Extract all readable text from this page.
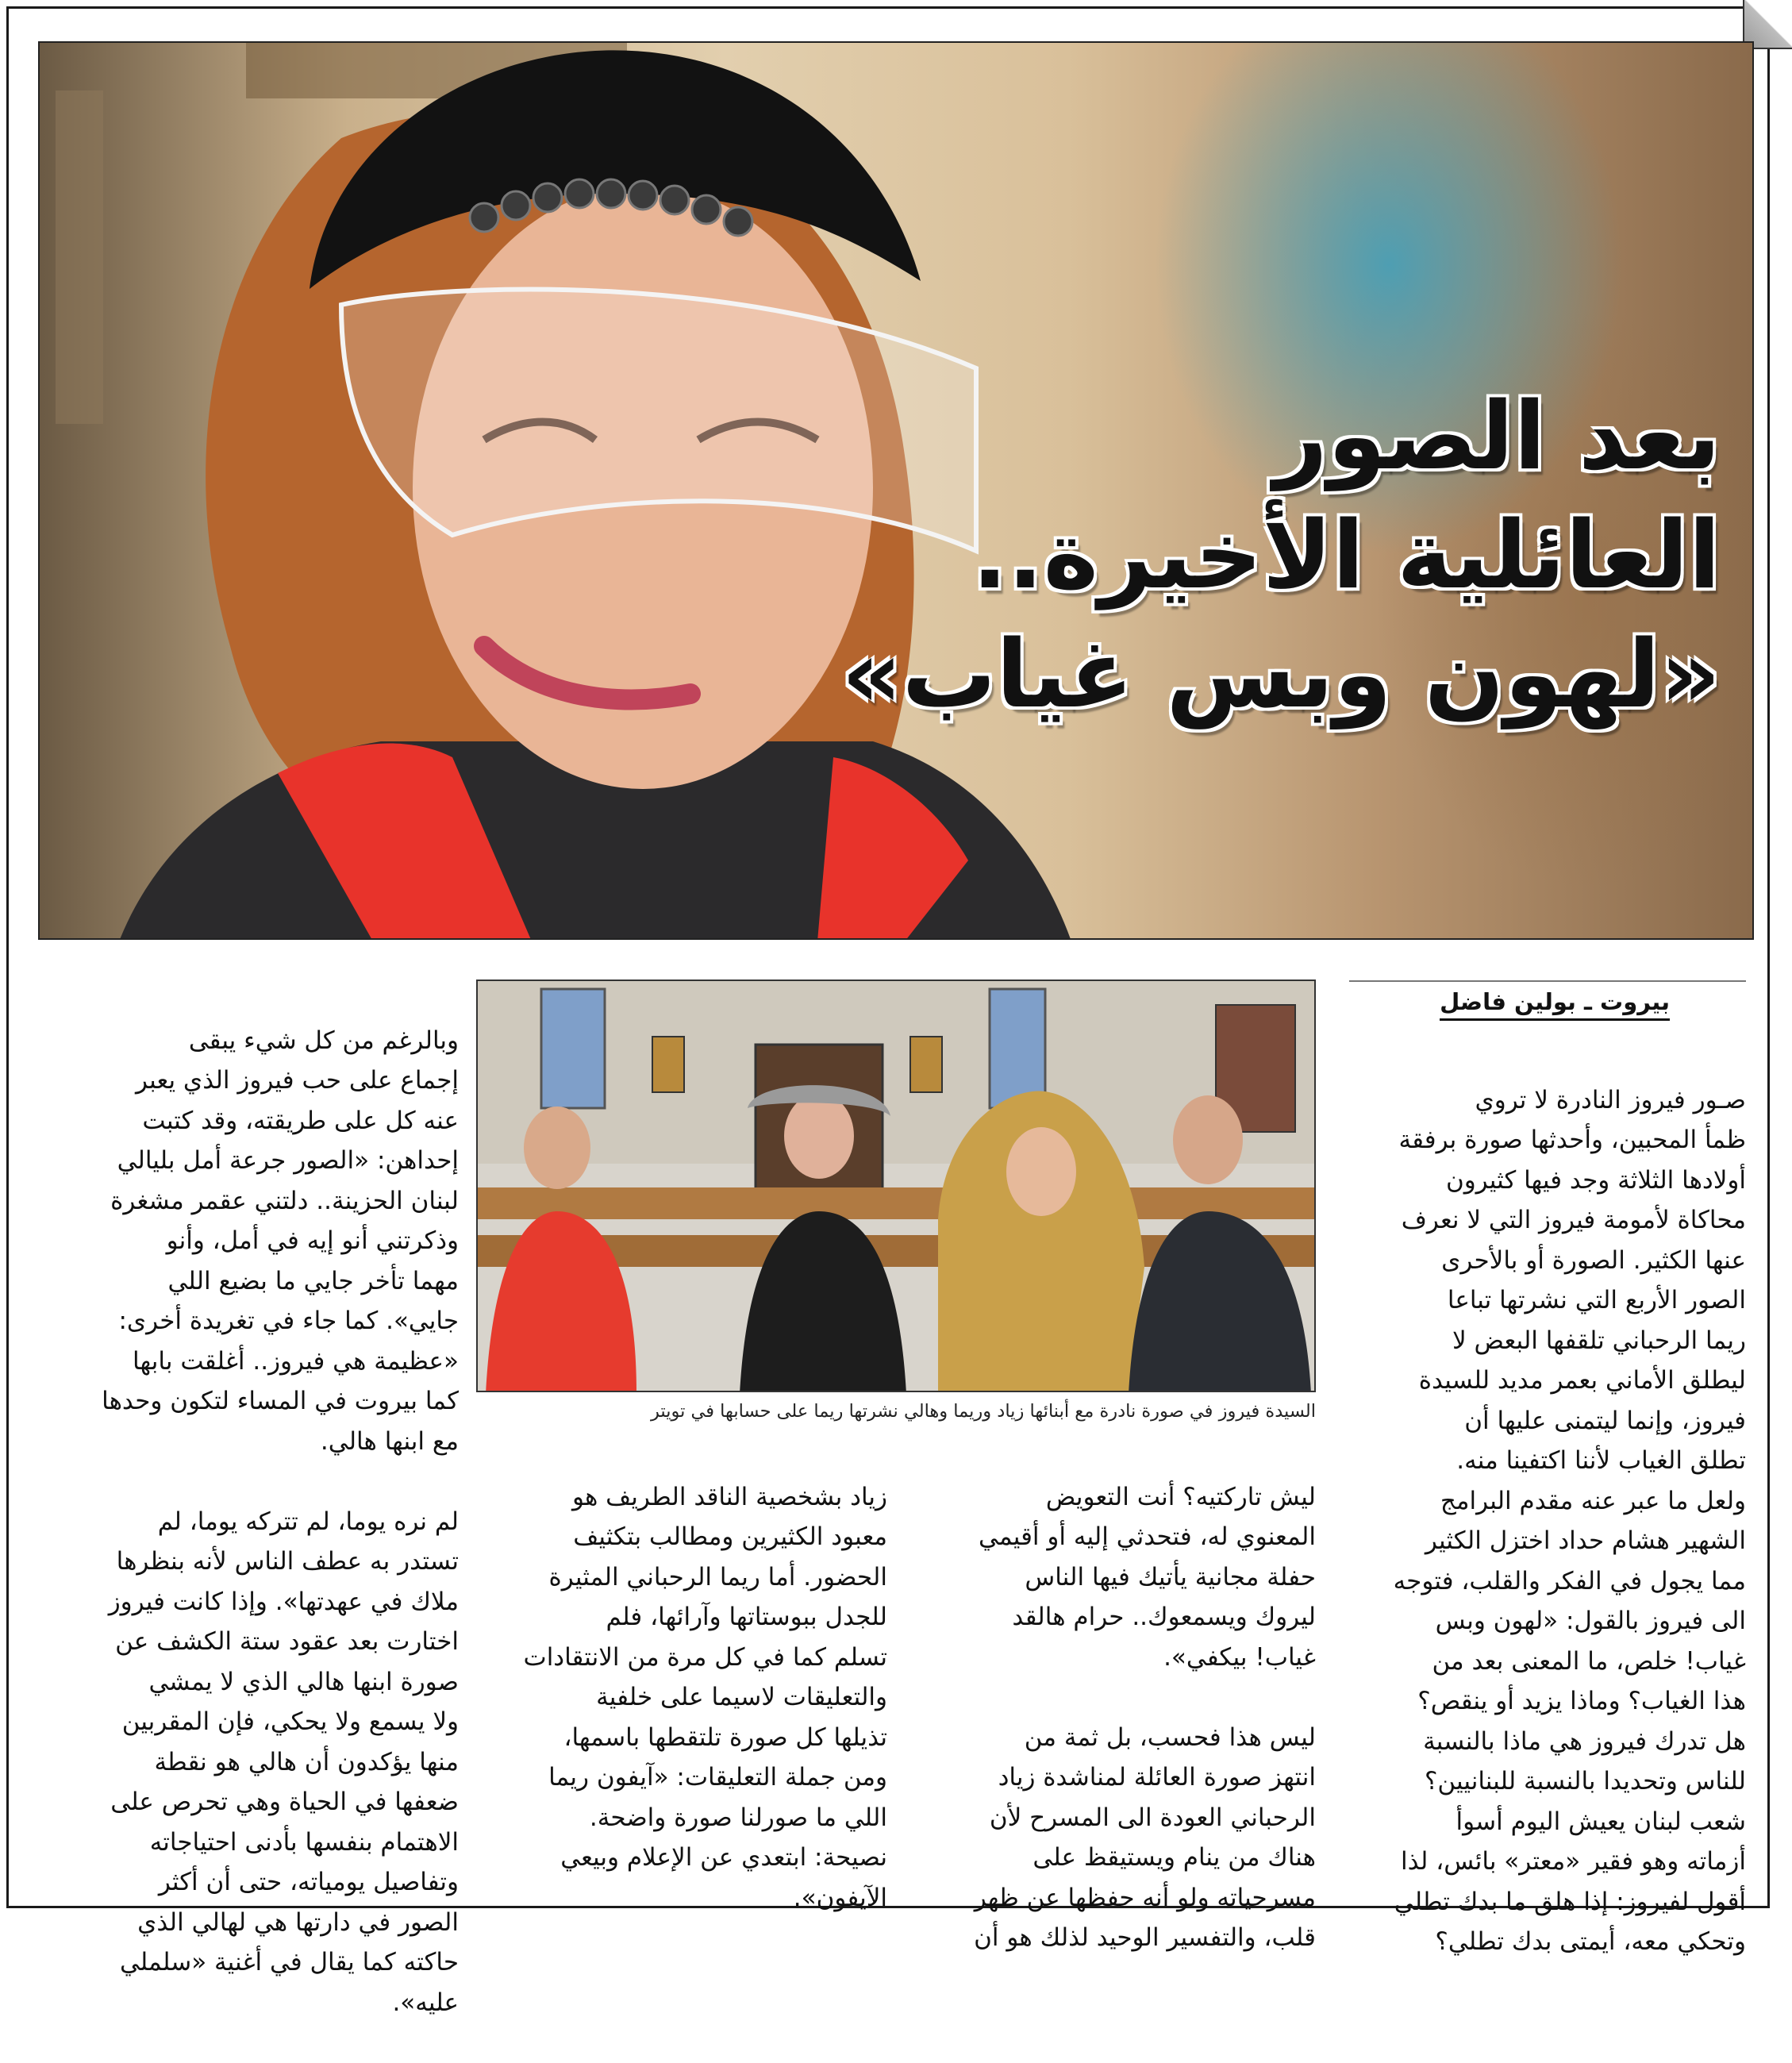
بعد الصور
العائلية الأخيرة..
«لهون وبس غياب»
بيروت ـ بولين فاضل

صـور فيروز النادرة لا تروي
ظمأ المحبين، وأحدثها صورة برفقة
أولادها الثلاثة وجد فيها كثيرون
محاكاة لأمومة فيروز التي لا نعرف
عنها الكثير. الصورة أو بالأحرى
الصور الأربع التي نشرتها تباعا
ريما الرحباني تلقفها البعض لا
ليطلق الأماني بعمر مديد للسيدة
فيروز، وإنما ليتمنى عليها أن
تطلق الغياب لأننا اكتفينا منه.
ولعل ما عبر عنه مقدم البرامج
الشهير هشام حداد اختزل الكثير
مما يجول في الفكر والقلب، فتوجه
الى فيروز بالقول: «لهون وبس
غياب! خلص، ما المعنى بعد من
هذا الغياب؟ وماذا يزيد أو ينقص؟
هل تدرك فيروز هي ماذا بالنسبة
للناس وتحديدا بالنسبة للبنانيين؟
شعب لبنان يعيش اليوم أسوأ
أزماته وهو فقير «معتر» بائس، لذا
أقول لفيروز: إذا هلق ما بدك تطلي
وتحكي معه، أيمتى بدك تطلي؟

السيدة فيروز في صورة نادرة مع أبنائها زياد وريما وهالي نشرتها ريما على حسابها في تويتر

ليش تاركتيه؟ أنت التعويض
المعنوي له، فتحدثي إليه أو أقيمي
حفلة مجانية يأتيك فيها الناس
ليروك ويسمعوك.. حرام هالقد
غياب! بيكفي».

ليس هذا فحسب، بل ثمة من
انتهز صورة العائلة لمناشدة زياد
الرحباني العودة الى المسرح لأن
هناك من ينام ويستيقظ على
مسرحياته ولو أنه حفظها عن ظهر
قلب، والتفسير الوحيد لذلك هو أن

زياد بشخصية الناقد الطريف هو
معبود الكثيرين ومطالب بتكثيف
الحضور. أما ريما الرحباني المثيرة
للجدل ببوستاتها وآرائها، فلم
تسلم كما في كل مرة من الانتقادات
والتعليقات لاسيما على خلفية
تذيلها كل صورة تلتقطها باسمها،
ومن جملة التعليقات: «آيفون ريما
اللي ما صورلنا صورة واضحة.
نصيحة: ابتعدي عن الإعلام وبيعي
الآيفون».

وبالرغم من كل شيء يبقى
إجماع على حب فيروز الذي يعبر
عنه كل على طريقته، وقد كتبت
إحداهن: «الصور جرعة أمل بليالي
لبنان الحزينة.. دلتني عقمر مشغرة
وذكرتني أنو إيه في أمل، وأنو
مهما تأخر جايي ما بضيع اللي
جايي». كما جاء في تغريدة أخرى:
«عظيمة هي فيروز.. أغلقت بابها
كما بيروت في المساء لتكون وحدها
مع ابنها هالي.

لم نره يوما، لم تتركه يوما، لم
تستدر به عطف الناس لأنه بنظرها
ملاك في عهدتها». وإذا كانت فيروز
اختارت بعد عقود ستة الكشف عن
صورة ابنها هالي الذي لا يمشي
ولا يسمع ولا يحكي، فإن المقربين
منها يؤكدون أن هالي هو نقطة
ضعفها في الحياة وهي تحرص على
الاهتمام بنفسها بأدنى احتياجاته
وتفاصيل يومياته، حتى أن أكثر
الصور في دارتها هي لهالي الذي
حاكته كما يقال في أغنية «سلملي
عليه».
